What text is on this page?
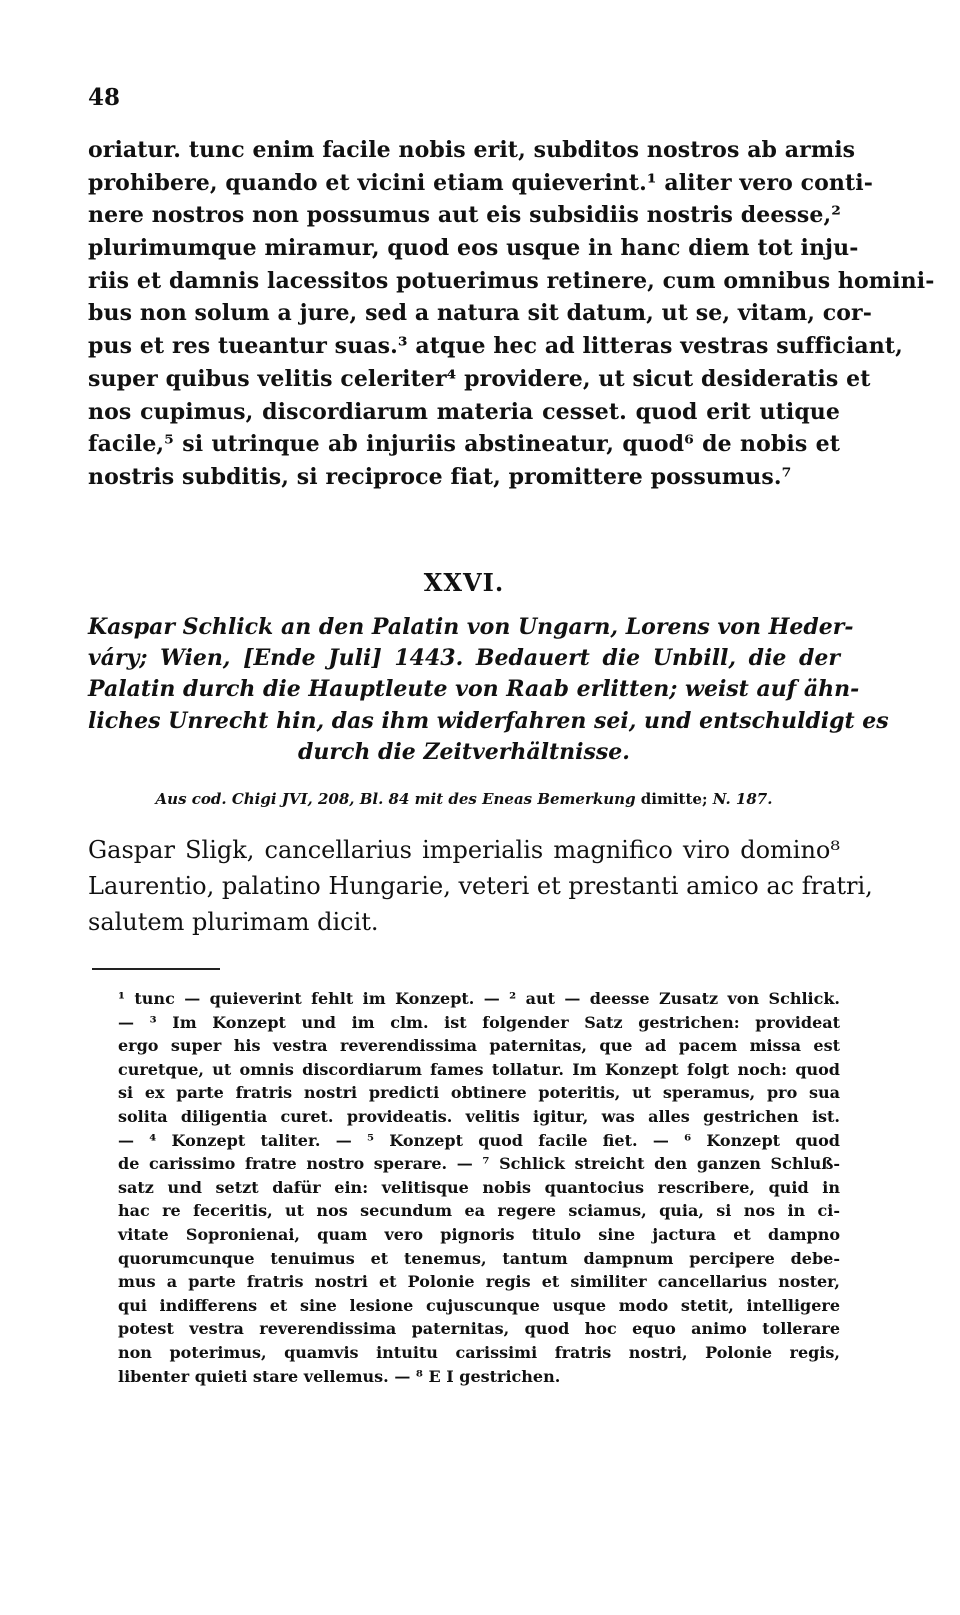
48
oriatur. tunc enim facile nobis erit, subditos nostros ab armis
prohibere, quando et vicini etiam quieverint.¹ aliter vero conti-
nere nostros non possumus aut eis subsidiis nostris deesse,²
plurimumque miramur, quod eos usque in hanc diem tot inju-
riis et damnis lacessitos potuerimus retinere, cum omnibus homini-
bus non solum a jure, sed a natura sit datum, ut se, vitam, cor-
pus et res tueantur suas.³ atque hec ad litteras vestras sufficiant,
super quibus velitis celeriter⁴ providere, ut sicut desideratis et
nos cupimus, discordiarum materia cesset. quod erit utique
facile,⁵ si utrinque ab injuriis abstineatur, quod⁶ de nobis et
nostris subditis, si reciproce fiat, promittere possumus.⁷
XXVI.
Kaspar Schlick an den Palatin von Ungarn, Lorens von Heder-
váry; Wien, [Ende Juli] 1443. Bedauert die Unbill, die der
Palatin durch die Hauptleute von Raab erlitten; weist auf ähn-
liches Unrecht hin, das ihm widerfahren sei, und entschuldigt es
durch die Zeitverhältnisse.
Aus cod. Chigi JVI, 208, Bl. 84 mit des Eneas Bemerkung dimitte; N. 187.
Gaspar Sligk, cancellarius imperialis magnifico viro domino⁸
Laurentio, palatino Hungarie, veteri et prestanti amico ac fratri,
salutem plurimam dicit.
¹ tunc — quieverint fehlt im Konzept. — ² aut — deesse Zusatz von Schlick.
— ³ Im Konzept und im clm. ist folgender Satz gestrichen: provideat
ergo super his vestra reverendissima paternitas, que ad pacem missa est
curetque, ut omnis discordiarum fames tollatur. Im Konzept folgt noch: quod
si ex parte fratris nostri predicti obtinere poteritis, ut speramus, pro sua
solita diligentia curet. provideatis. velitis igitur, was alles gestrichen ist.
— ⁴ Konzept taliter. — ⁵ Konzept quod facile fiet. — ⁶ Konzept quod
de carissimo fratre nostro sperare. — ⁷ Schlick streicht den ganzen Schluß-
satz und setzt dafür ein: velitisque nobis quantocius rescribere, quid in
hac re feceritis, ut nos secundum ea regere sciamus, quia, si nos in ci-
vitate Sopronienai, quam vero pignoris titulo sine jactura et dampno
quorumcunque tenuimus et tenemus, tantum dampnum percipere debe-
mus a parte fratris nostri et Polonie regis et similiter cancellarius noster,
qui indifferens et sine lesione cujuscunque usque modo stetit, intelligere
potest vestra reverendissima paternitas, quod hoc equo animo tollerare
non poterimus, quamvis intuitu carissimi fratris nostri, Polonie regis,
libenter quieti stare vellemus. — ⁸ E I gestrichen.
